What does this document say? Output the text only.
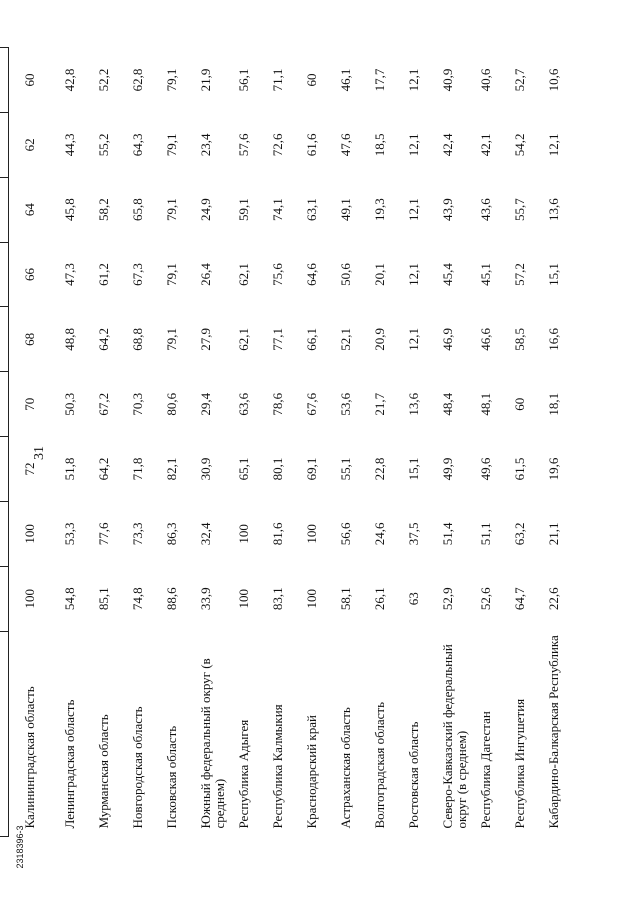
31
2318396-3

Калининградская область	100	100	72	70	68	66	64	62	60
Ленинградская область	54,8	53,3	51,8	50,3	48,8	47,3	45,8	44,3	42,8
Мурманская область	85,1	77,6	64,2	67,2	64,2	61,2	58,2	55,2	52,2
Новгородская область	74,8	73,3	71,8	70,3	68,8	67,3	65,8	64,3	62,8
Псковская область	88,6	86,3	82,1	80,6	79,1	79,1	79,1	79,1	79,1
Южный федеральный округ (в среднем)	33,9	32,4	30,9	29,4	27,9	26,4	24,9	23,4	21,9
Республика Адыгея	100	100	65,1	63,6	62,1	62,1	59,1	57,6	56,1
Республика Калмыкия	83,1	81,6	80,1	78,6	77,1	75,6	74,1	72,6	71,1
Краснодарский край	100	100	69,1	67,6	66,1	64,6	63,1	61,6	60
Астраханская область	58,1	56,6	55,1	53,6	52,1	50,6	49,1	47,6	46,1
Волгоградская область	26,1	24,6	22,8	21,7	20,9	20,1	19,3	18,5	17,7
Ростовская область	63	37,5	15,1	13,6	12,1	12,1	12,1	12,1	12,1
Северо-Кавказский федеральный округ (в среднем)	52,9	51,4	49,9	48,4	46,9	45,4	43,9	42,4	40,9
Республика Дагестан	52,6	51,1	49,6	48,1	46,6	45,1	43,6	42,1	40,6
Республика Ингушетия	64,7	63,2	61,5	60	58,5	57,2	55,7	54,2	52,7
Кабардино-Балкарская Республика	22,6	21,1	19,6	18,1	16,6	15,1	13,6	12,1	10,6
